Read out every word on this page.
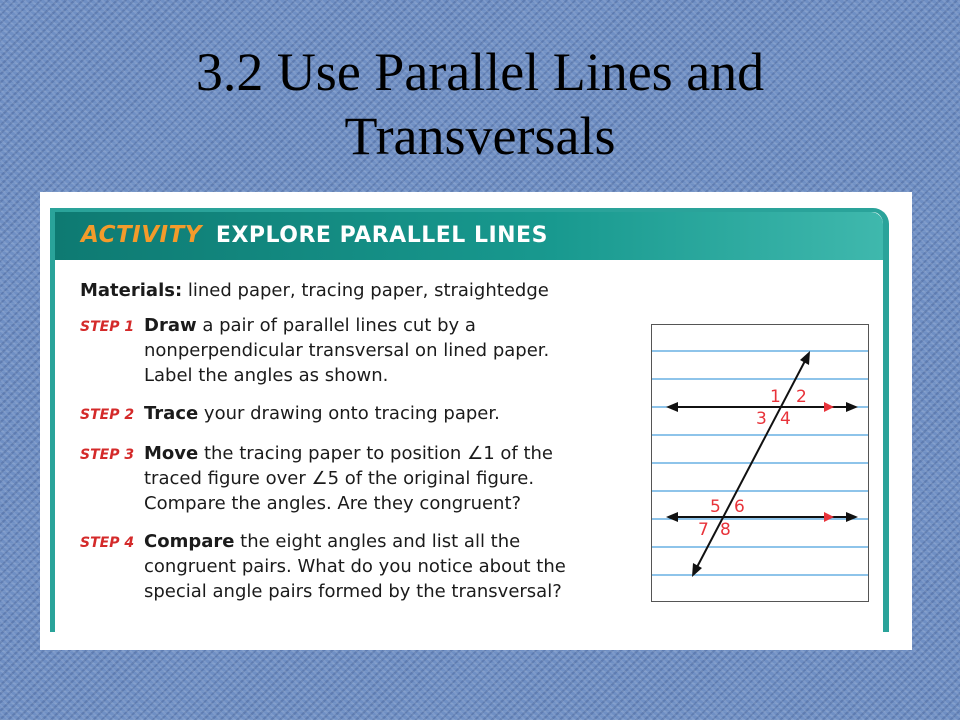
3.2 Use Parallel Lines and
Transversals
ACTIVITY EXPLORE PARALLEL LINES
Materials: lined paper, tracing paper, straightedge
STEP 1 Draw a pair of parallel lines cut by a nonperpendicular transversal on lined paper. Label the angles as shown.
STEP 2 Trace your drawing onto tracing paper.
STEP 3 Move the tracing paper to position ∠1 of the traced figure over ∠5 of the original figure. Compare the angles. Are they congruent?
STEP 4 Compare the eight angles and list all the congruent pairs. What do you notice about the special angle pairs formed by the transversal?
1 2
3 4
5 6
7 8
